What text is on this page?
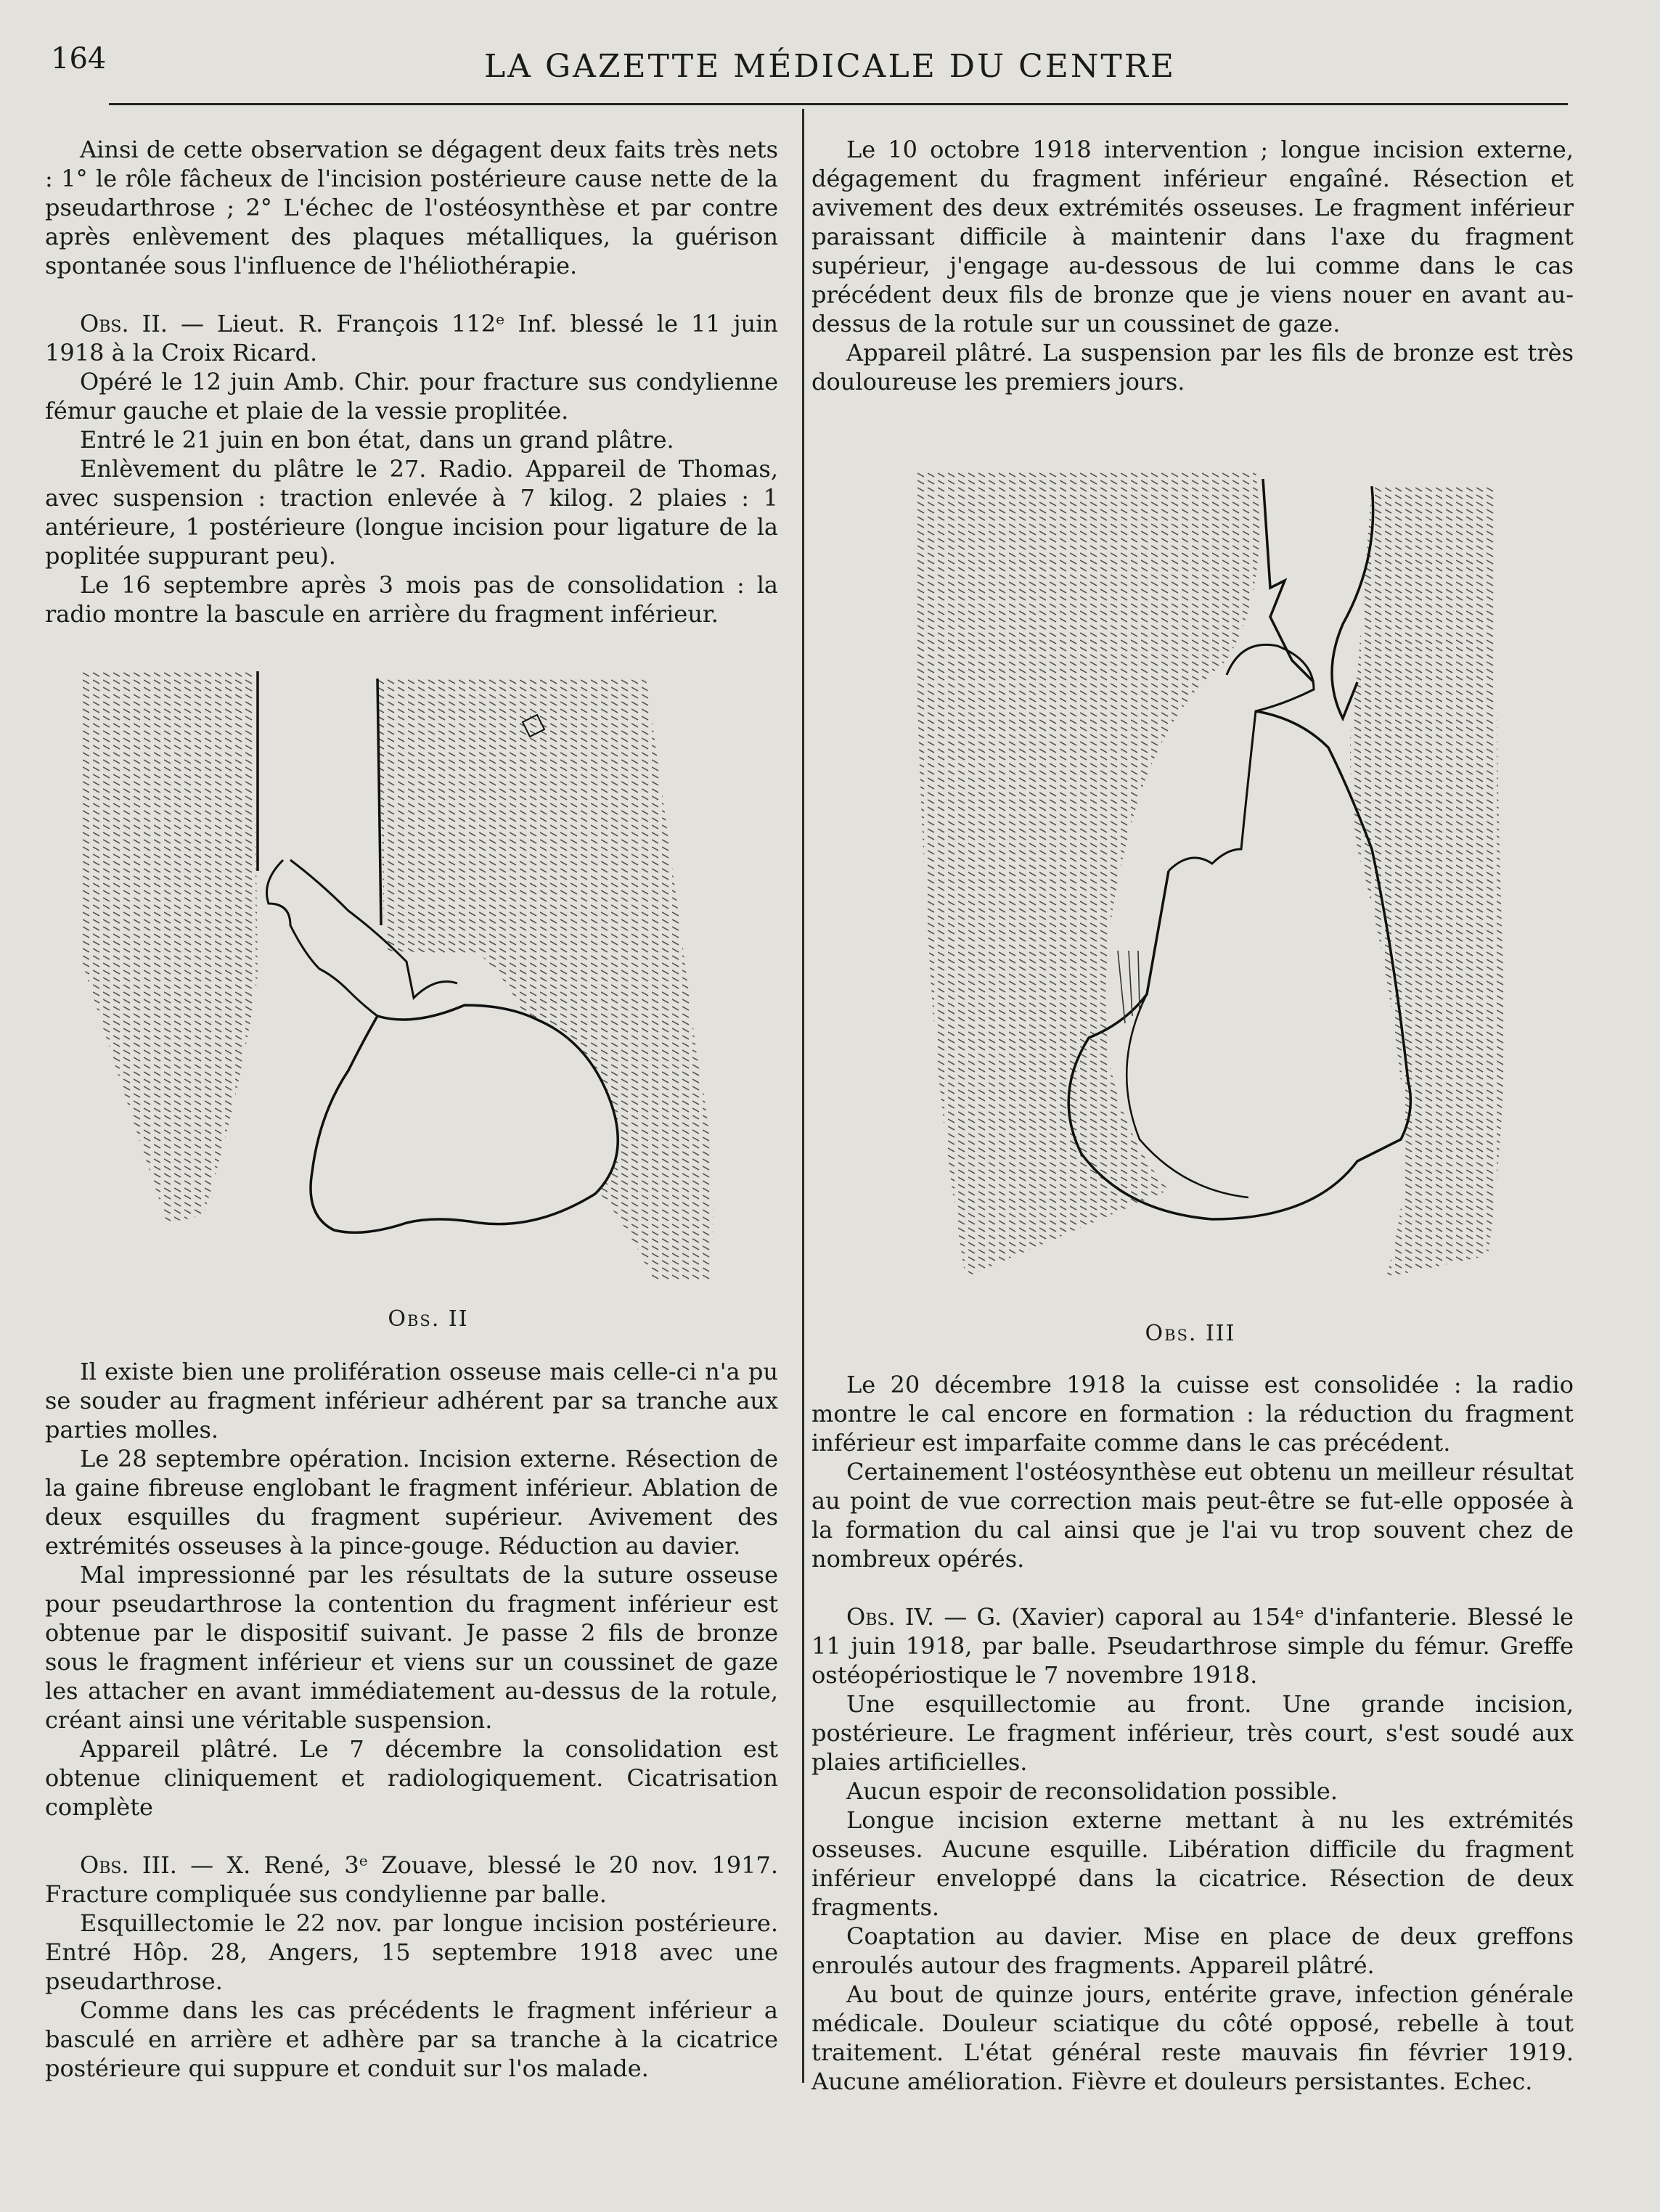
164	LA GAZETTE MÉDICALE DU CENTRE

Ainsi de cette observation se dégagent deux faits très nets : 1° le rôle fâcheux de l'incision postérieure cause nette de la pseudarthrose ; 2° L'échec de l'ostéosynthèse et par contre après enlèvement des plaques métalliques, la guérison spontanée sous l'influence de l'héliothérapie.

Obs. II. — Lieut. R. François 112ᵉ Inf. blessé le 11 juin 1918 à la Croix Ricard.

Opéré le 12 juin Amb. Chir. pour fracture sus condylienne fémur gauche et plaie de la vessie proplitée.

Entré le 21 juin en bon état, dans un grand plâtre.

Enlèvement du plâtre le 27. Radio. Appareil de Thomas, avec suspension : traction enlevée à 7 kilog. 2 plaies : 1 antérieure, 1 postérieure (longue incision pour ligature de la poplitée suppurant peu).

Le 16 septembre après 3 mois pas de consolidation : la radio montre la bascule en arrière du fragment inférieur.

Obs. II

Il existe bien une prolifération osseuse mais celle-ci n'a pu se souder au fragment inférieur adhérent par sa tranche aux parties molles.

Le 28 septembre opération. Incision externe. Résection de la gaine fibreuse englobant le fragment inférieur. Ablation de deux esquilles du fragment supérieur. Avivement des extrémités osseuses à la pince-gouge. Réduction au davier.

Mal impressionné par les résultats de la suture osseuse pour pseudarthrose la contention du fragment inférieur est obtenue par le dispositif suivant. Je passe 2 fils de bronze sous le fragment inférieur et viens sur un coussinet de gaze les attacher en avant immédiatement au-dessus de la rotule, créant ainsi une véritable suspension.

Appareil plâtré. Le 7 décembre la consolidation est obtenue cliniquement et radiologiquement. Cicatrisation complète

Obs. III. — X. René, 3ᵉ Zouave, blessé le 20 nov. 1917. Fracture compliquée sus condylienne par balle.

Esquillectomie le 22 nov. par longue incision postérieure. Entré Hôp. 28, Angers, 15 septembre 1918 avec une pseudarthrose.

Comme dans les cas précédents le fragment inférieur a basculé en arrière et adhère par sa tranche à la cicatrice postérieure qui suppure et conduit sur l'os malade.

Le 10 octobre 1918 intervention ; longue incision externe, dégagement du fragment inférieur engaîné. Résection et avivement des deux extrémités osseuses. Le fragment inférieur paraissant difficile à maintenir dans l'axe du fragment supérieur, j'engage au-dessous de lui comme dans le cas précédent deux fils de bronze que je viens nouer en avant au-dessus de la rotule sur un coussinet de gaze.

Appareil plâtré. La suspension par les fils de bronze est très douloureuse les premiers jours.

Obs. III

Le 20 décembre 1918 la cuisse est consolidée : la radio montre le cal encore en formation : la réduction du fragment inférieur est imparfaite comme dans le cas précédent.

Certainement l'ostéosynthèse eut obtenu un meilleur résultat au point de vue correction mais peut-être se fut-elle opposée à la formation du cal ainsi que je l'ai vu trop souvent chez de nombreux opérés.

Obs. IV. — G. (Xavier) caporal au 154ᵉ d'infanterie. Blessé le 11 juin 1918, par balle. Pseudarthrose simple du fémur. Greffe ostéopériostique le 7 novembre 1918.

Une esquillectomie au front. Une grande incision, postérieure. Le fragment inférieur, très court, s'est soudé aux plaies artificielles.

Aucun espoir de reconsolidation possible.

Longue incision externe mettant à nu les extrémités osseuses. Aucune esquille. Libération difficile du fragment inférieur enveloppé dans la cicatrice. Résection de deux fragments.

Coaptation au davier. Mise en place de deux greffons enroulés autour des fragments. Appareil plâtré.

Au bout de quinze jours, entérite grave, infection générale médicale. Douleur sciatique du côté opposé, rebelle à tout traitement. L'état général reste mauvais fin février 1919. Aucune amélioration. Fièvre et douleurs persistantes. Echec.
